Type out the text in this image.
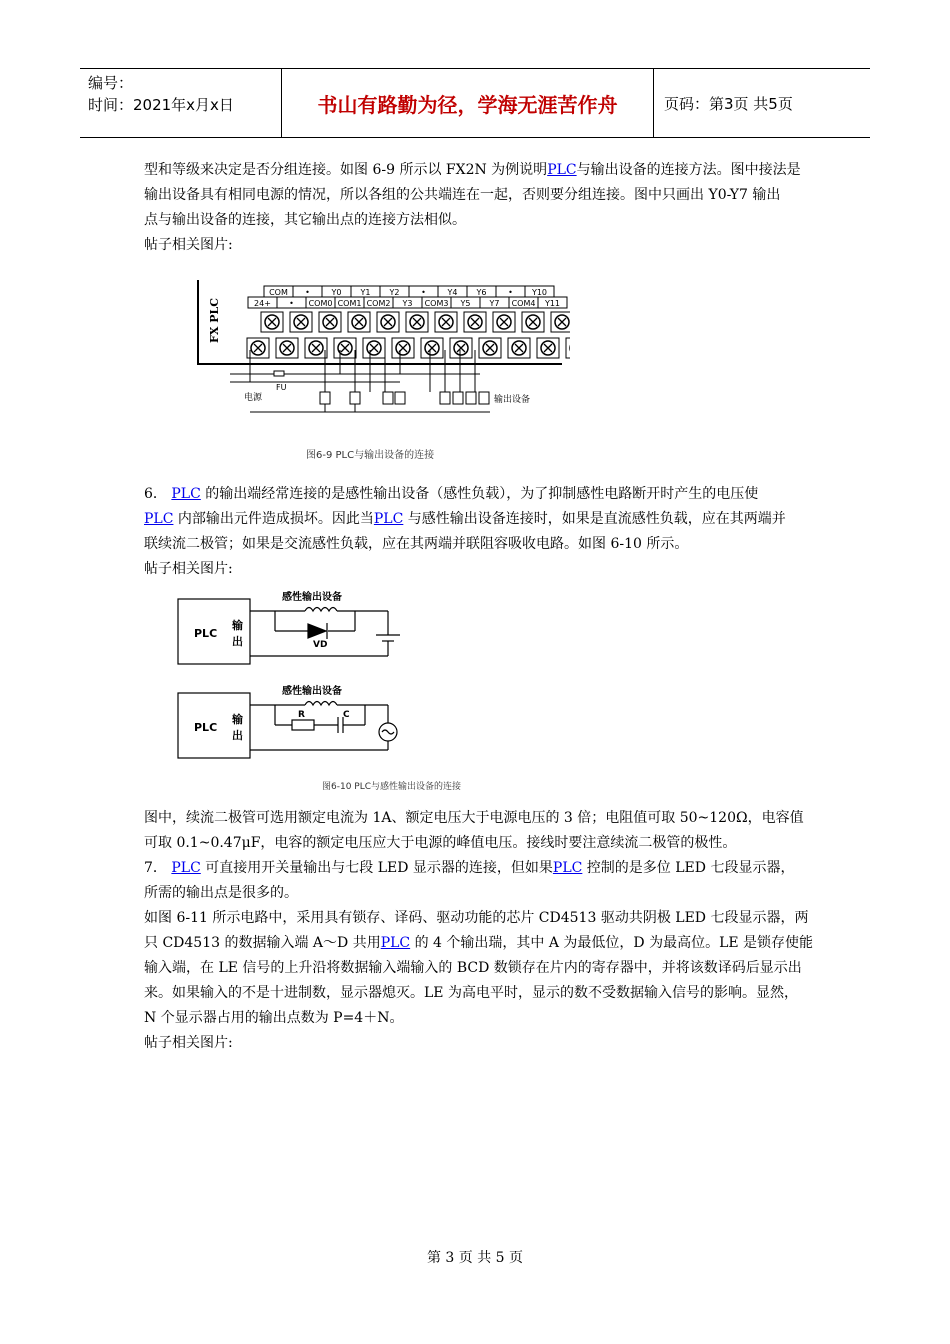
编号：
时间：2021年x月x日	书山有路勤为径，学海无涯苦作舟	页码：第3页 共5页

型和等级来决定是否分组连接。如图 6-9 所示以 FX2N 为例说明PLC与输出设备的连接方法。图中接法是

输出设备具有相同电源的情况，所以各组的公共端连在一起，否则要分组连接。图中只画出 Y0-Y7 输出

点与输出设备的连接，其它输出点的连接方法相似。

帖子相关图片:

FX PLC
COM •	Y0 Y1 Y2	•	Y4 Y6	• Y10
24+ • COM0 COM1 COM2 Y3 COM3 Y5 Y7 COM4 Y11
FU
电源	输出设备
图6-9 PLC与输出设备的连接

6． PLC 的输出端经常连接的是感性输出设备（感性负载），为了抑制感性电路断开时产生的电压使

PLC 内部输出元件造成损坏。因此当PLC 与感性输出设备连接时，如果是直流感性负载，应在其两端并

联续流二极管；如果是交流感性负载，应在其两端并联阻容吸收电路。如图 6-10 所示。

帖子相关图片:

PLC
输
出
感性输出设备
VD
PLC
输
出
感性输出设备
R	C
图6-10 PLC与感性输出设备的连接

图中，续流二极管可选用额定电流为 1A、额定电压大于电源电压的 3 倍；电阻值可取 50~120Ω，电容值

可取 0.1~0.47μF，电容的额定电压应大于电源的峰值电压。接线时要注意续流二极管的极性。

7． PLC 可直接用开关量输出与七段 LED 显示器的连接，但如果PLC 控制的是多位 LED 七段显示器，

所需的输出点是很多的。

如图 6-11 所示电路中，采用具有锁存、译码、驱动功能的芯片 CD4513 驱动共阴极 LED 七段显示器，两

只 CD4513 的数据输入端 A～D 共用PLC 的 4 个输出瑞，其中 A 为最低位，D 为最高位。LE 是锁存使能

输入端，在 LE 信号的上升沿将数据输入端输入的 BCD 数锁存在片内的寄存器中，并将该数译码后显示出

来。如果输入的不是十进制数，显示器熄灭。LE 为高电平时，显示的数不受数据输入信号的影响。显然，

N 个显示器占用的输出点数为 P=4＋N。

帖子相关图片:

第 3 页 共 5 页
